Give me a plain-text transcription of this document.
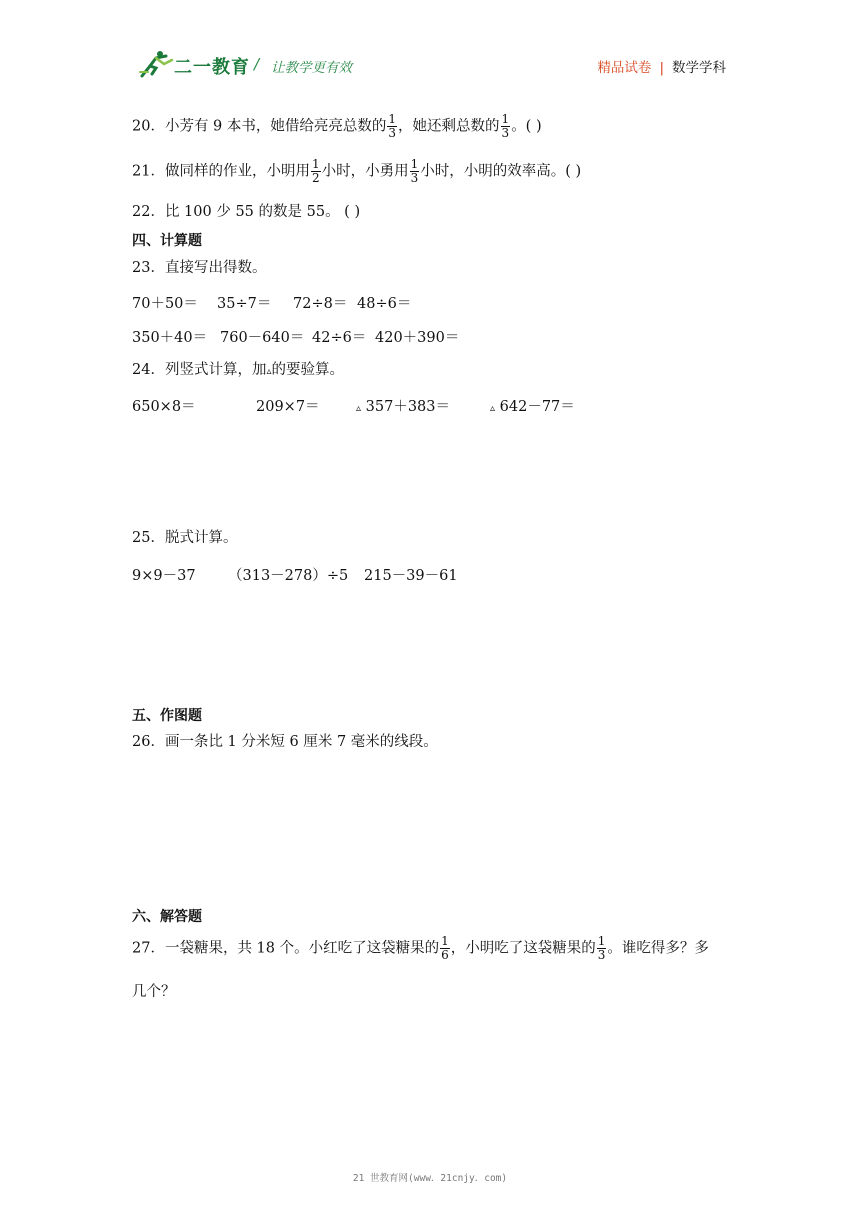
二一教育 / 让教学更有效	精品试卷 | 数学学科
20．小芳有 9 本书，她借给亮亮总数的 $\frac{1}{3}$ ，她还剩总数的 $\frac{1}{3}$ 。( )
21．做同样的作业，小明用 $\frac{1}{2}$ 小时，小勇用 $\frac{1}{3}$ 小时，小明的效率高。( )
22．比 100 少 55 的数是 55。 ( )
四、计算题
23．直接写出得数。
70＋50＝ 35÷7＝ 72÷8＝ 48÷6＝
350＋40＝ 760－640＝ 42÷6＝ 420＋390＝
24．列竖式计算，加▵的要验算。
650×8＝	209×7＝	▵ 357＋383＝	▵ 642－77＝
25．脱式计算。
9×9－37 （313－278）÷5 215－39－61
五、作图题
26．画一条比 1 分米短 6 厘米 7 毫米的线段。
六、解答题
27．一袋糖果，共 18 个。小红吃了这袋糖果的 $\frac{1}{6}$ ，小明吃了这袋糖果的 $\frac{1}{3}$ 。谁吃得多？多
几个？
21 世教育网(www．21cnjy．com)
